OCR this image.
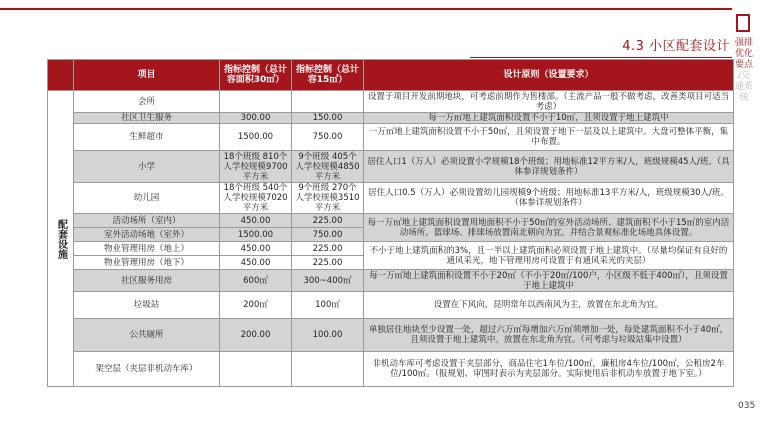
4.3 小区配套设计 强排优化要点
/交通系统
035
	项目	指标控制（总计容面积30㎡）	指标控制（总计容15㎡）	设计原则（设置要求）
配套设施	会所			设置于项目开发前期地块，可考虑前期作为售楼部。（主流产品一般不做考虑，改善类项目可适当考虑）
	社区卫生服务	300.00	150.00	每一万㎡地上建筑面积设置不小于10㎡，且须设置于地上建筑中
	生鲜超市	1500.00	750.00	一万㎡地上建筑面积设置不小于50㎡，且须设置于地下一层及以上建筑中。大盘可整体平衡，集中布置。
	小学	18个班级 810个人学校规模9700平方米	9个班级 405个人学校规模4850平方米	居住人口1（万人）必须设置小学规模18个班级；用地标准12平方米/人，班级规模45人/班。（具体参详规划条件）
	幼儿园	18个班级 540个人学校规模7020平方米	9个班级 270个人学校规模3510平方米	居住人口0.5（万人）必须设置幼儿园规模9个班级；用地标准13平方米/人，班级规模30人/班。（体参详规划条件）
	活动场所（室内）	450.00	225.00	每一万㎡地上建筑面积设置用地面积不小于50㎡的室外活动场所、建筑面积不小于15㎡的室内活动场所。篮球场、排球场放置南北朝向为宜。并结合景观标准化场地具体设置。
	室外活动场地（室外）	1500.00	750.00	
	物业管理用房（地上）	450.00	225.00	不小于地上建筑面积的3%，且一半以上建筑面积必须设置于地上建筑中。（尽量均保证有良好的通风采光，地下管理用房可设置于有通风采光的夹层）
	物业管理用房（地下）	450.00	225.00	
	社区服务用房	600㎡	300~400㎡	每一万㎡地上建筑面积设置不小于20㎡（不小于20㎡/100户，小区级不低于400㎡），且须设置于地上建筑中
	垃圾站	200㎡	100㎡	设置在下风向，昆明常年以西南风为主，放置在东北角为宜。
	公共厕所	200.00	100.00	单独居住地块至少设置一处，超过六万㎡每增加六万㎡须增加一处，每处建筑面积不小于40㎡，且须设置于地上建筑中。放置在东北角为宜。（可考虑与垃圾站集中设置）
	架空层（夹层非机动车库）			非机动车库可考虑设置于夹层部分，商品住宅1车位/100㎡，廉租房4车位/100㎡，公租房2车位/100㎡。（报规划、审图时表示为夹层部分。实际使用后非机动车放置于地下室。）
